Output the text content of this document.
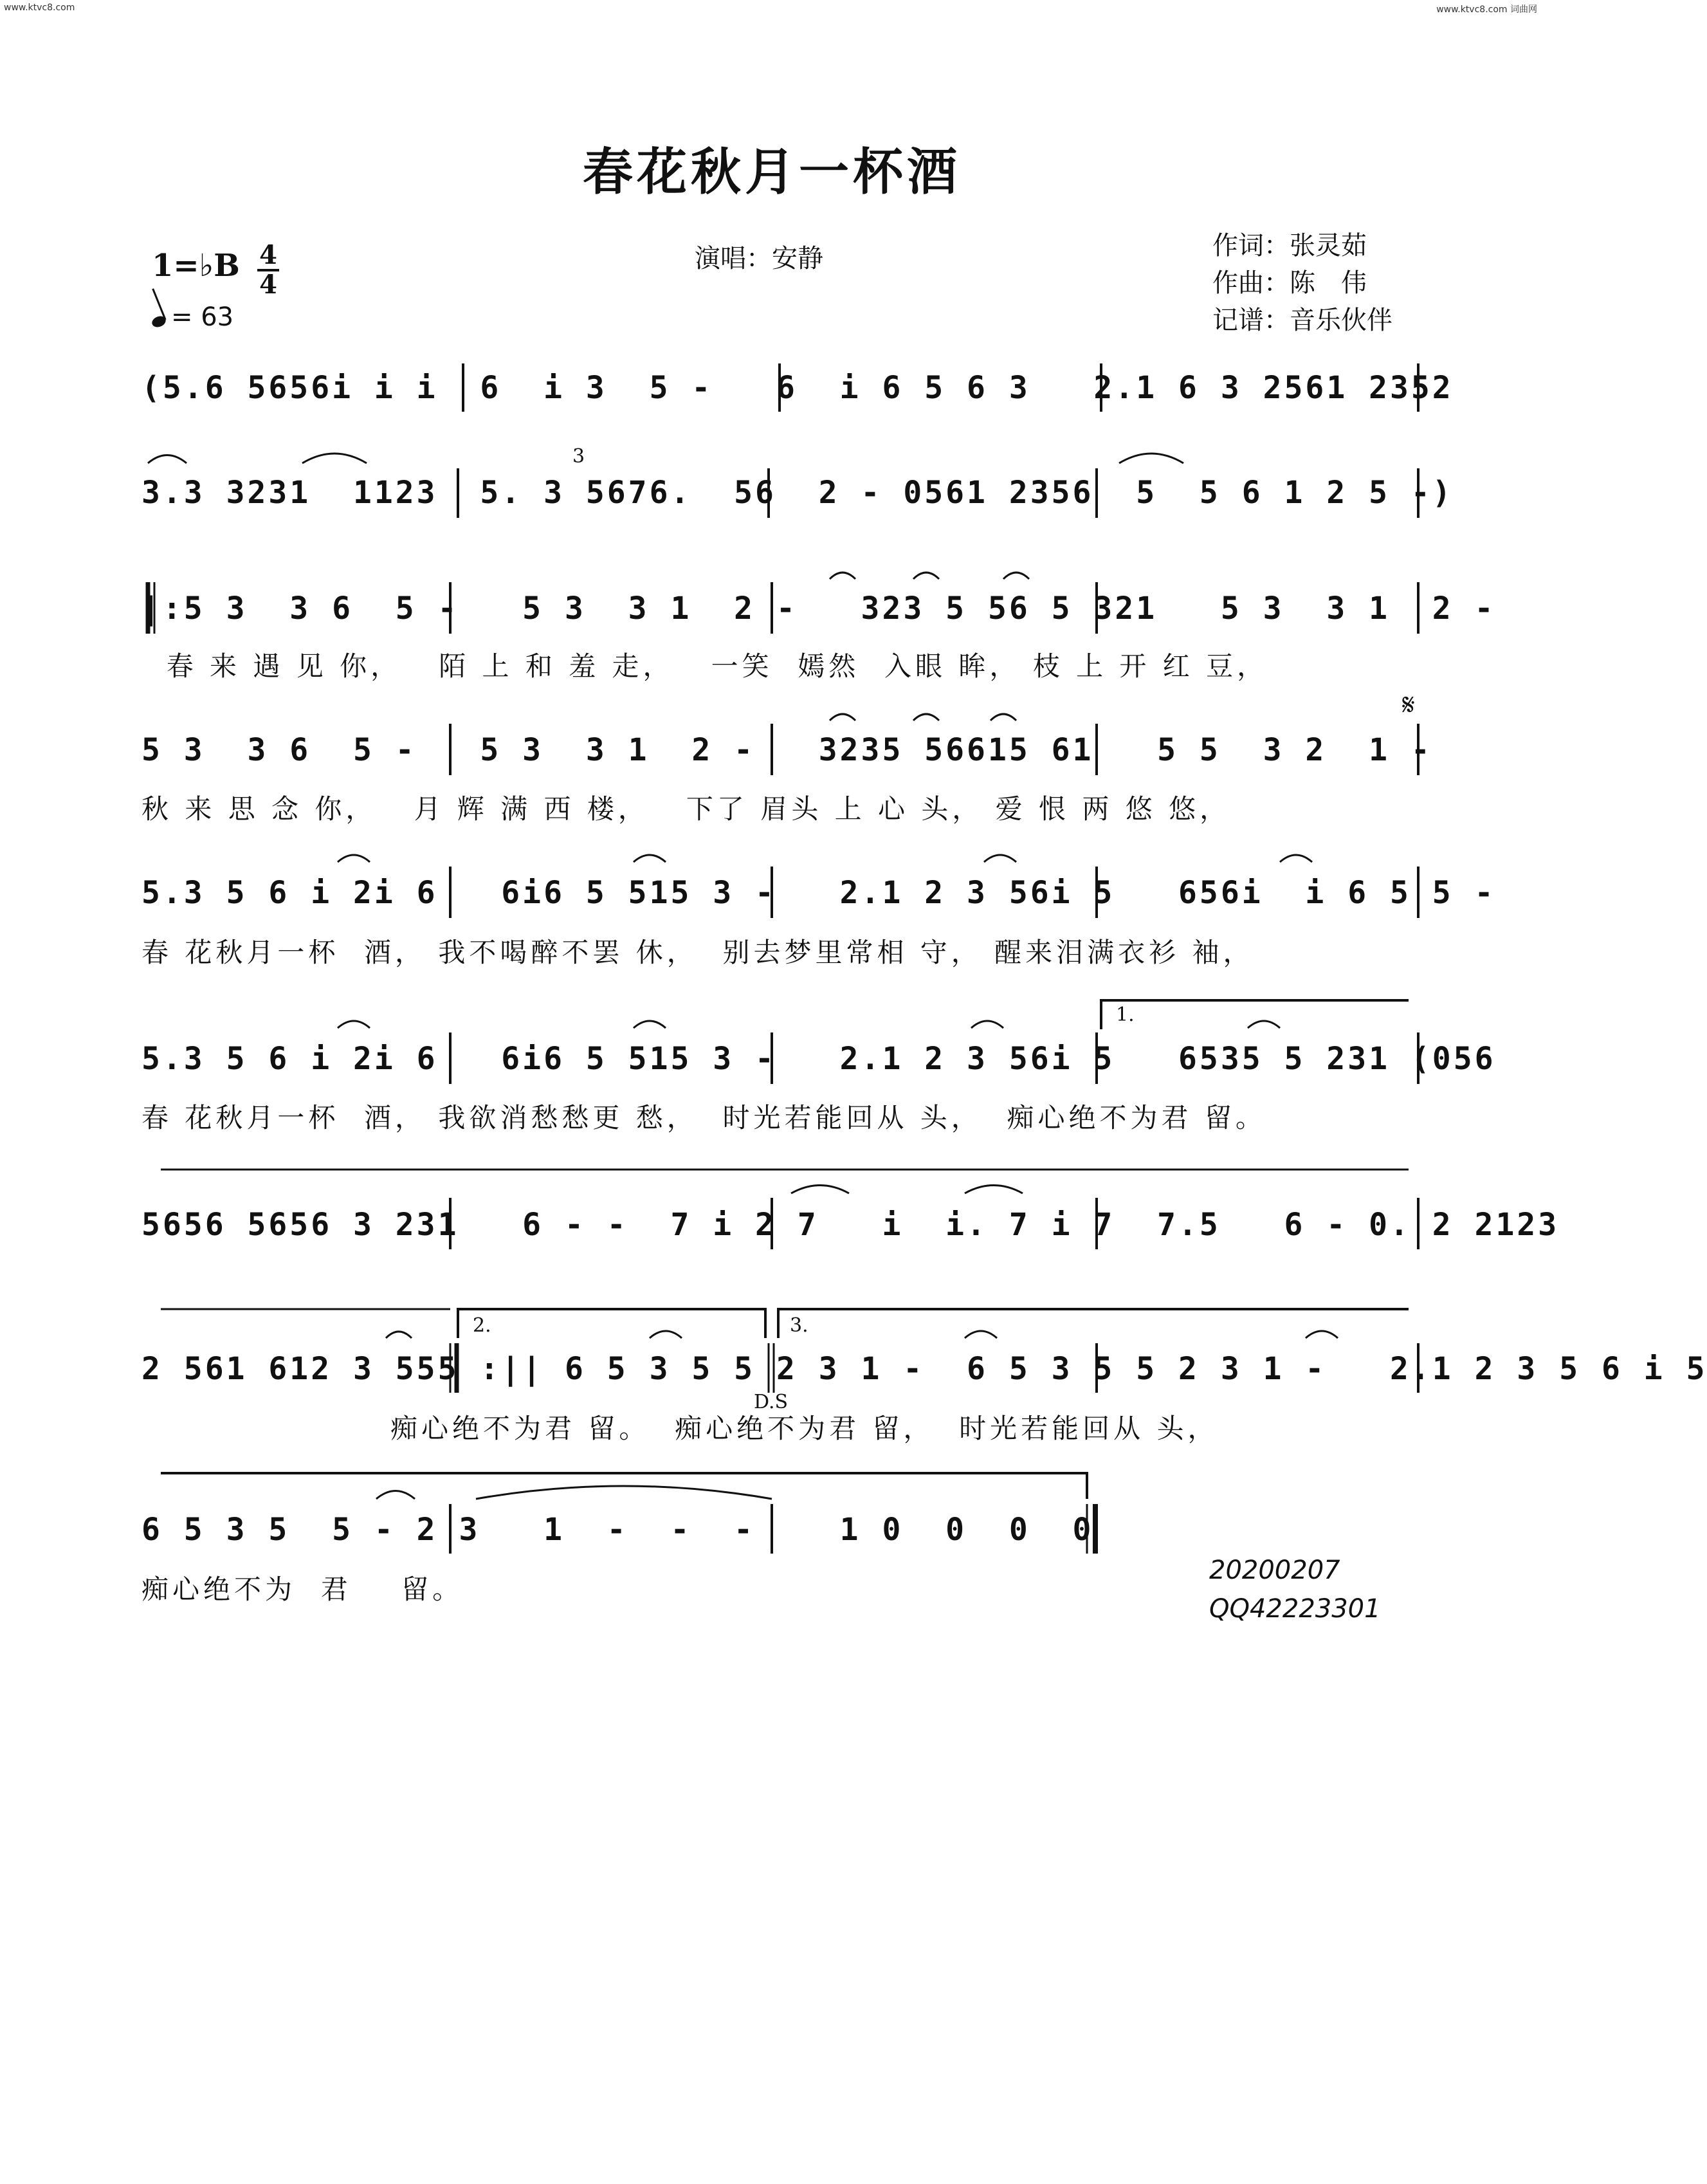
www.ktvc8.com	www.ktvc8.com 词曲网
春花秋月一杯酒
演唱：安静	作词：张灵茹
作曲：陈　伟
记谱：音乐伙伴
1=♭B 4
4
= 63
(5.6 5656i i i  6  i 3  5 -   6  i 6 5 6 3   2.1 6 3 2561 2352
3.3 3231  1123  5. 3 5676.  56  2 - 0561 2356  5  5 6 1 2 5 -)
3
|:5 3  3 6  5 -   5 3  3 1  2 -   323 5 56 5 321   5 3  3 1  2 -
春 来 遇 见 你，   陌 上 和 羞 走，   一笑  嫣然  入眼 眸， 枝 上 开 红 豆，
5 3  3 6  5 -   5 3  3 1  2 -   3235 56615 61   5 5  3 2  1 -
秋 来 思 念 你，   月 辉 满 西 楼，   下了 眉头 上 心 头， 爱 恨 两 悠 悠，
𝄋
5.3 5 6 i 2i 6   6i6 5 515 3 -   2.1 2 3 56i 5   656i  i 6 5 5 -
春 花秋月一杯  酒， 我不喝醉不罢 休，  别去梦里常相 守， 醒来泪满衣衫 袖，
5.3 5 6 i 2i 6   6i6 5 515 3 -   2.1 2 3 56i 5   6535 5 231 (056
春 花秋月一杯  酒， 我欲消愁愁更 愁，  时光若能回从 头，  痴心绝不为君 留。
1.
5656 5656 3 231   6 - -  7 i 2 7   i  i. 7 i 7  7.5   6 - 0. 2 2123
2 561 612 3 555 :|| 6 5 3 5 5 2 3 1 -  6 5 3 5 5 2 3 1 -   2.1 2 3 5 6 i 5
痴心绝不为君 留。  痴心绝不为君 留，  时光若能回从 头，
2.	3.
D.S
6 5 3 5  5 - 2 3   1  -  -  -    1 0  0  0  0
痴心绝不为  君    留。
20200207
QQ42223301
